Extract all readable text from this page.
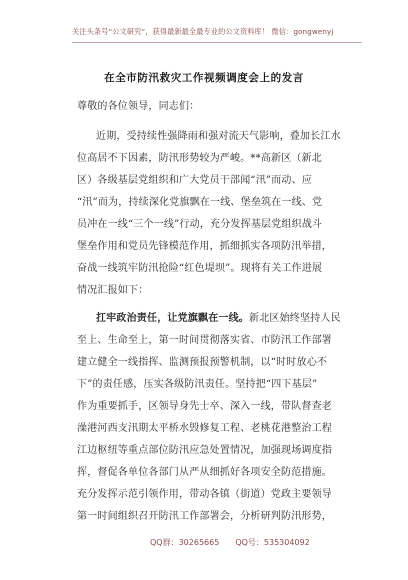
关注头条号“公文研究”，获得最新最全最专业的公文资料库！ 微信：gongwenyj
在全市防汛救灾工作视频调度会上的发言
尊敬的各位领导，同志们：
近期，受持续性强降雨和强对流天气影响，叠加长江水
位高居不下因素，防汛形势较为严峻。**高新区（新北
区）各级基层党组织和广大党员干部闻“汛”而动、应
“汛”而为，持续深化党旗飘在一线、堡垒筑在一线、党
员冲在一线“三个一线”行动，充分发挥基层党组织战斗
堡垒作用和党员先锋模范作用，抓细抓实各项防汛举措，
奋战一线筑牢防汛抢险“红色堤坝”。现将有关工作进展
情况汇报如下：
扛牢政治责任，让党旗飘在一线。新北区始终坚持人民
至上、生命至上，第一时间贯彻落实省、市防汛工作部署
建立健全一线指挥、监测预报预警机制，以“时时放心不
下”的责任感，压实各级防汛责任。坚持把“四下基层”
作为重要抓手，区领导身先士卒、深入一线，带队督查老
澡港河西支汛期太平桥水毁修复工程、老桃花港整治工程
江边枢纽等重点部位防汛应急处置情况，加强现场调度指
挥，督促各单位各部门从严从细抓好各项安全防范措施。
充分发挥示范引领作用，带动各镇（街道）党政主要领导
第一时间组织召开防汛工作部署会，分析研判防汛形势，
QQ群：30265665 QQ号：535304092
